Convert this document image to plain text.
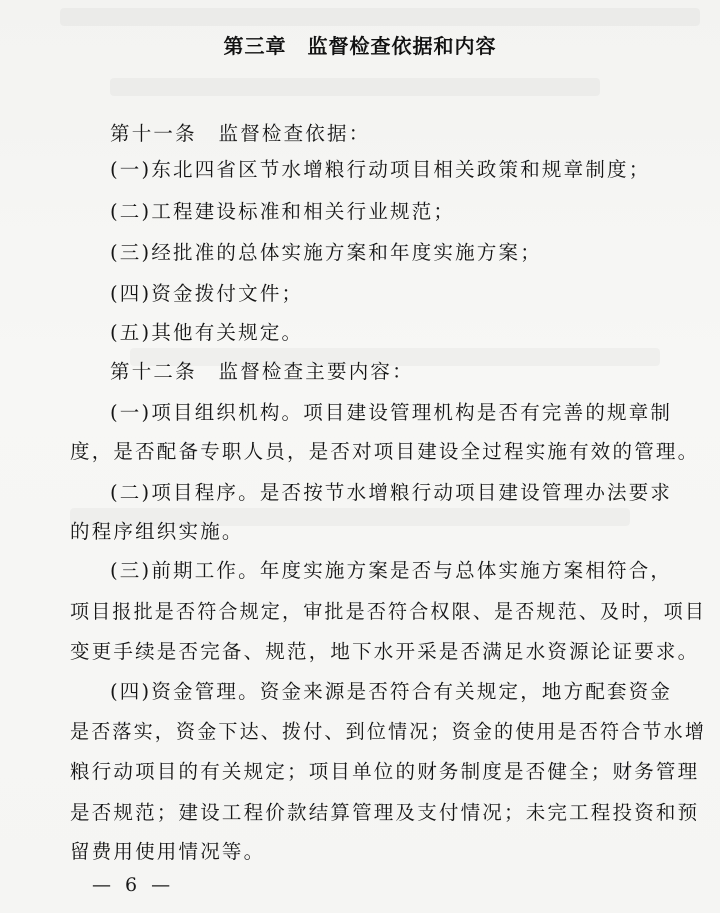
第三章　监督检查依据和内容
第十一条　监督检查依据：
(一)东北四省区节水增粮行动项目相关政策和规章制度；
(二)工程建设标准和相关行业规范；
(三)经批准的总体实施方案和年度实施方案；
(四)资金拨付文件；
(五)其他有关规定。
第十二条　监督检查主要内容：
(一)项目组织机构。项目建设管理机构是否有完善的规章制
度，是否配备专职人员，是否对项目建设全过程实施有效的管理。
(二)项目程序。是否按节水增粮行动项目建设管理办法要求
的程序组织实施。
(三)前期工作。年度实施方案是否与总体实施方案相符合，
项目报批是否符合规定，审批是否符合权限、是否规范、及时，项目
变更手续是否完备、规范，地下水开采是否满足水资源论证要求。
(四)资金管理。资金来源是否符合有关规定，地方配套资金
是否落实，资金下达、拨付、到位情况；资金的使用是否符合节水增
粮行动项目的有关规定；项目单位的财务制度是否健全；财务管理
是否规范；建设工程价款结算管理及支付情况；未完工程投资和预
留费用使用情况等。
— 6 —
